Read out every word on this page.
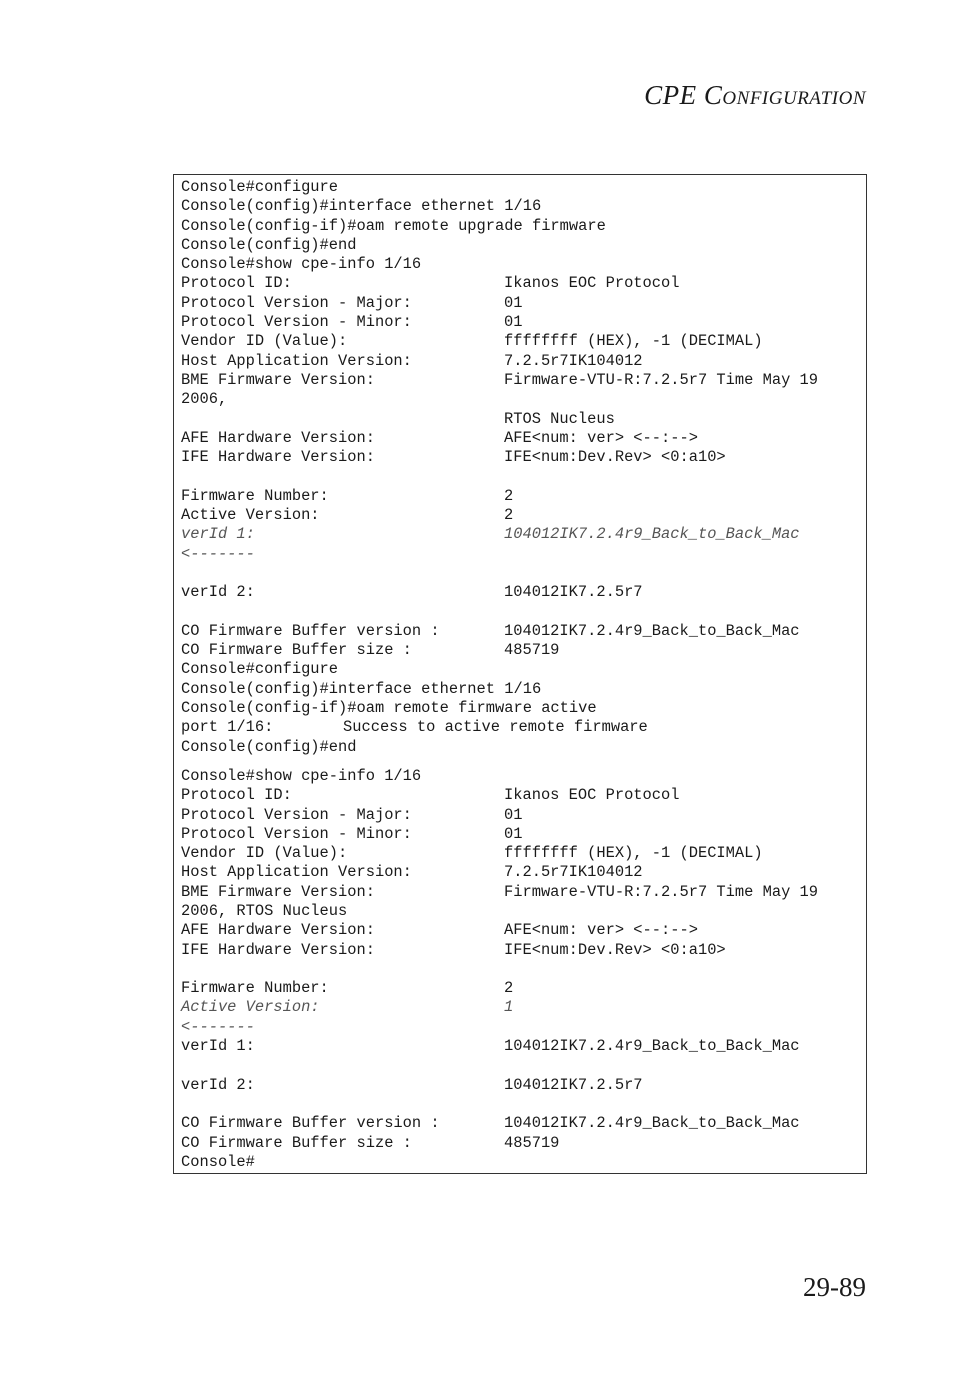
CPE CONFIGURATION
Console#configure
Console(config)#interface ethernet 1/16
Console(config-if)#oam remote upgrade firmware
Console(config)#end
Console#show cpe-info 1/16
Protocol ID:	Ikanos EOC Protocol
Protocol Version - Major:	01
Protocol Version - Minor:	01
Vendor ID (Value):	ffffffff (HEX), -1 (DECIMAL)
Host Application Version:	7.2.5r7IK104012
BME Firmware Version:	Firmware-VTU-R:7.2.5r7 Time May 19
2006,
RTOS Nucleus
AFE Hardware Version:	AFE<num: ver> <--:-->
IFE Hardware Version:	IFE<num:Dev.Rev> <0:a10>
Firmware Number:	2
Active Version:	2
verId 1:	104012IK7.2.4r9_Back_to_Back_Mac
<-------
verId 2:	104012IK7.2.5r7
CO Firmware Buffer version :	104012IK7.2.4r9_Back_to_Back_Mac
CO Firmware Buffer size :	485719
Console#configure
Console(config)#interface ethernet 1/16
Console(config-if)#oam remote firmware active
port 1/16:	Success to active remote firmware
Console(config)#end
Console#show cpe-info 1/16
Protocol ID:	Ikanos EOC Protocol
Protocol Version - Major:	01
Protocol Version - Minor:	01
Vendor ID (Value):	ffffffff (HEX), -1 (DECIMAL)
Host Application Version:	7.2.5r7IK104012
BME Firmware Version:	Firmware-VTU-R:7.2.5r7 Time May 19
2006, RTOS Nucleus
AFE Hardware Version:	AFE<num: ver> <--:-->
IFE Hardware Version:	IFE<num:Dev.Rev> <0:a10>
Firmware Number:	2
Active Version:	1
<-------
verId 1:	104012IK7.2.4r9_Back_to_Back_Mac
verId 2:	104012IK7.2.5r7
CO Firmware Buffer version :	104012IK7.2.4r9_Back_to_Back_Mac
CO Firmware Buffer size :	485719
Console#
29-89
